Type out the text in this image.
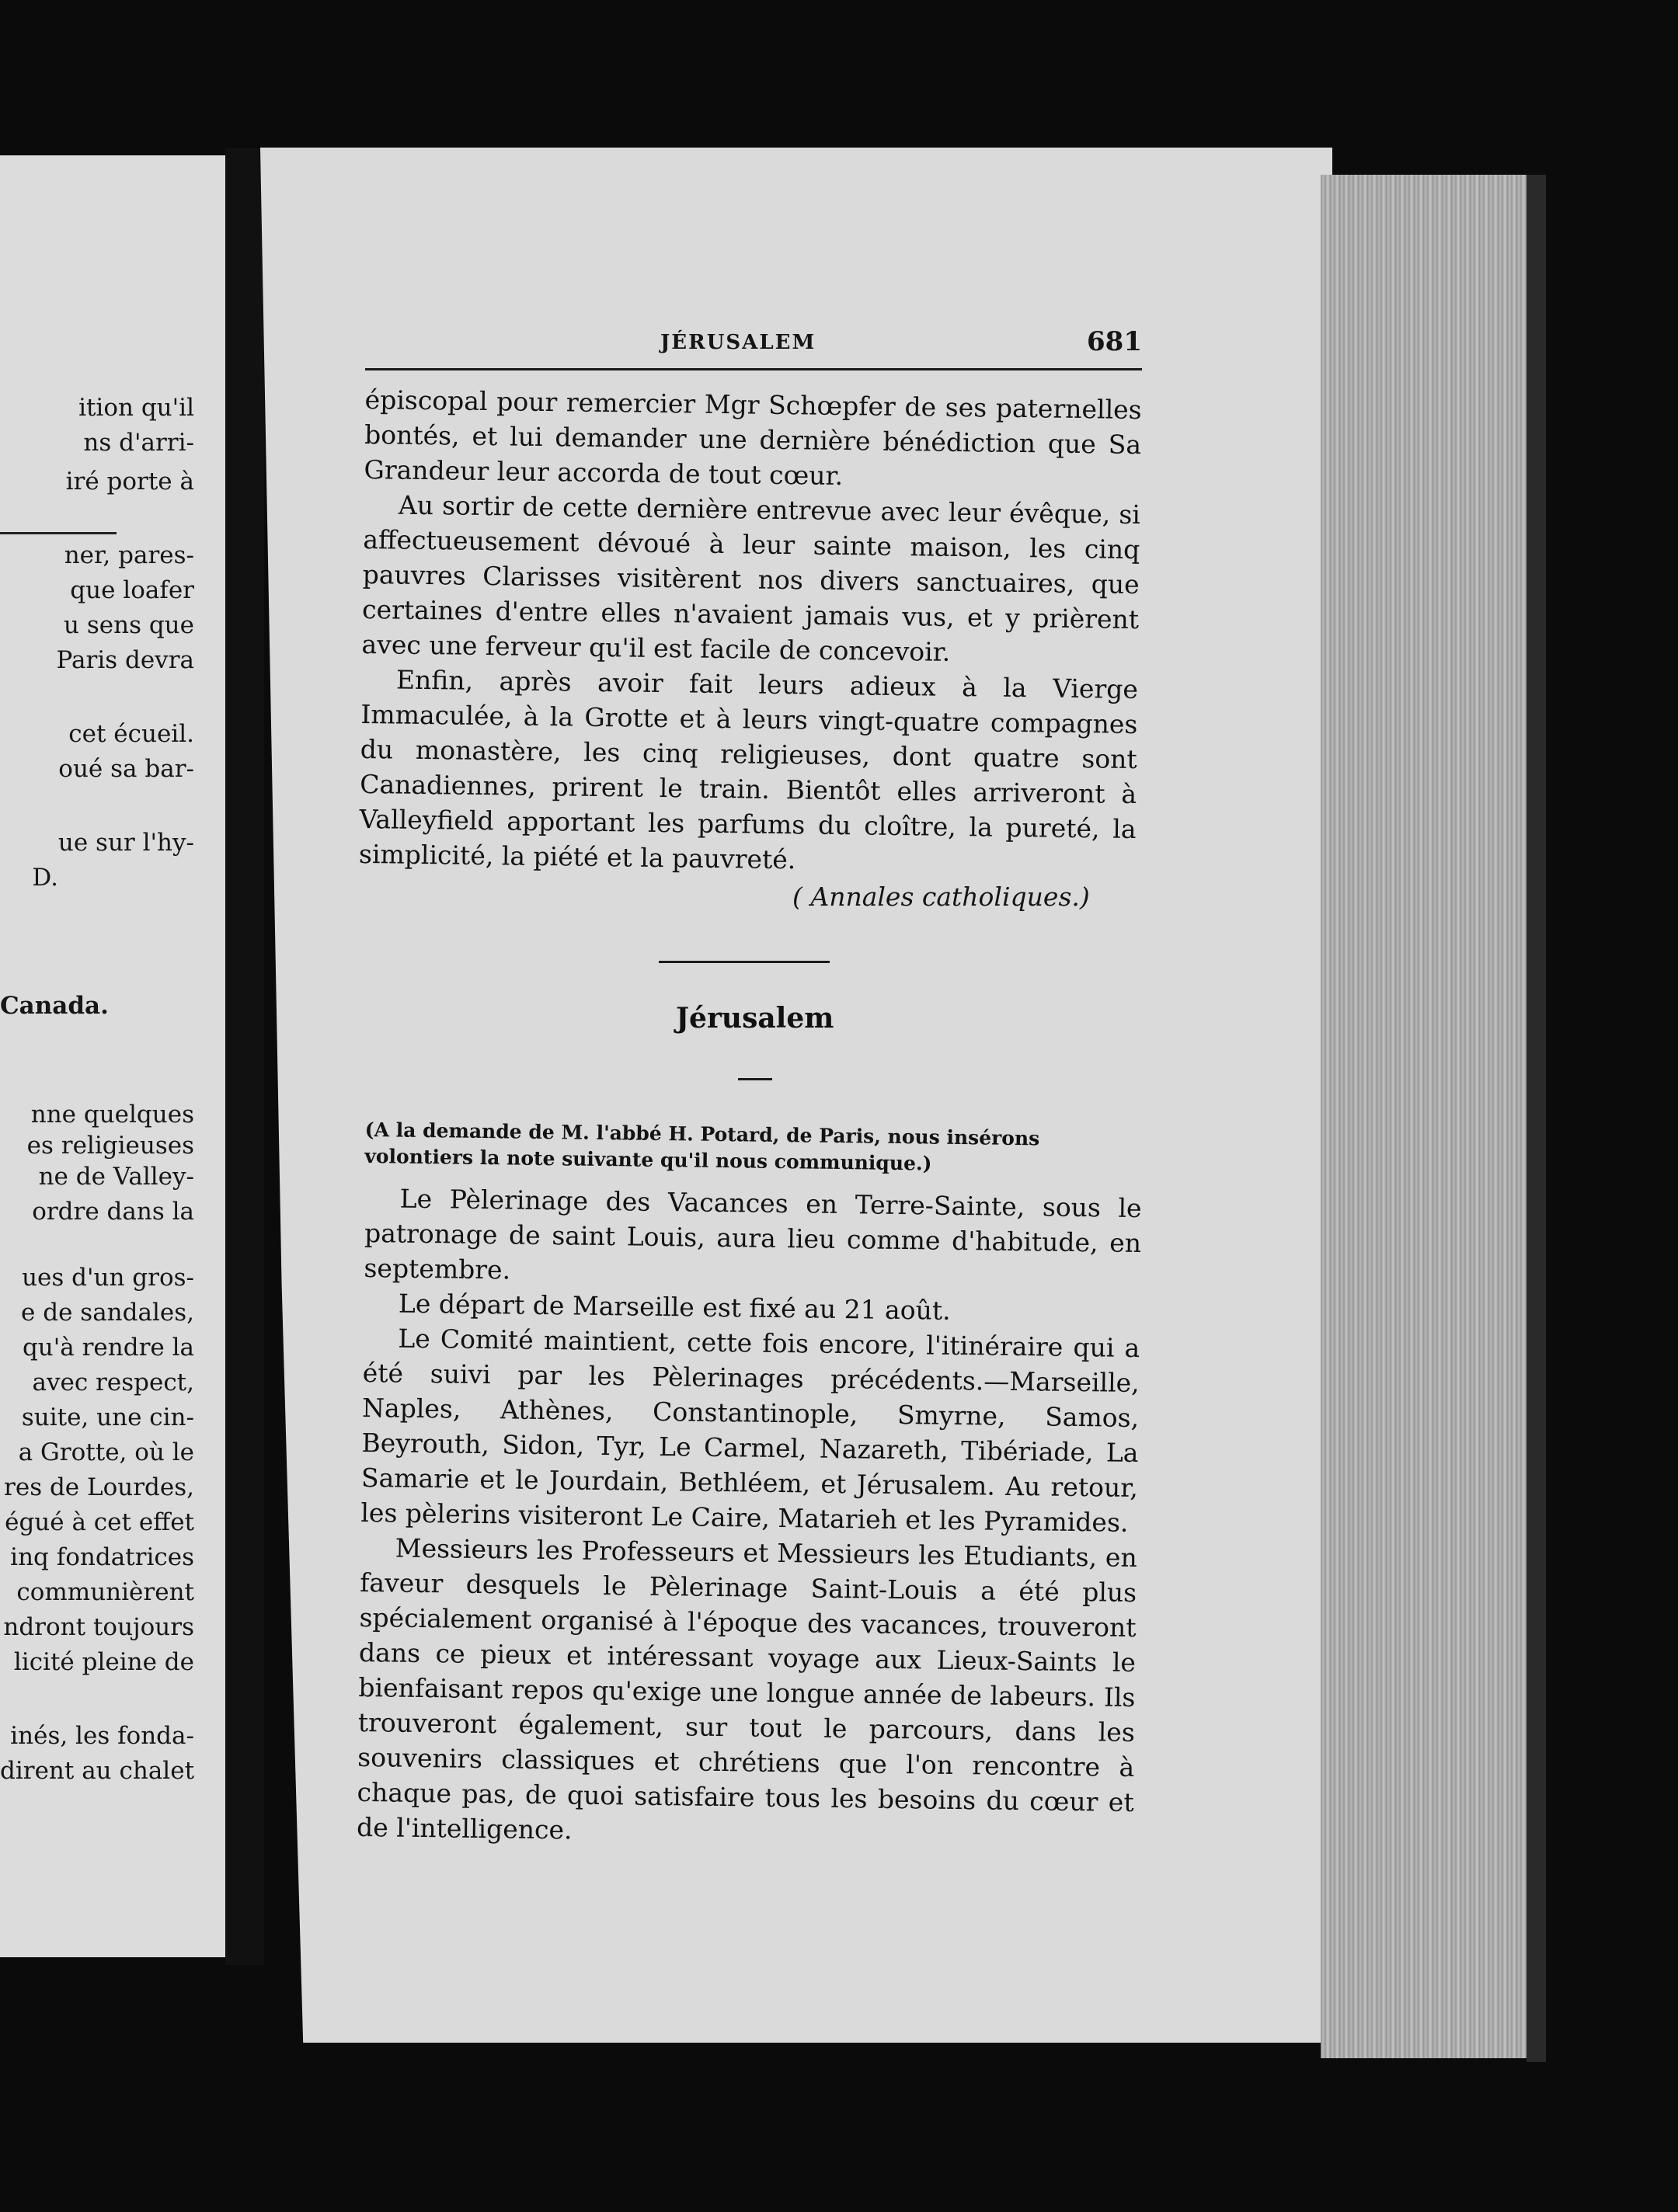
ition qu'il
ns d'arri-
iré porte à
ner, pares-
que loafer
u sens que
Paris devra
cet écueil.
oué sa bar-
ue sur l'hy-
D.
Canada.
nne quelques
es religieuses
ne de Valley-
ordre dans la
ues d'un gros-
e de sandales,
qu'à rendre la
avec respect,
suite, une cin-
a Grotte, où le
res de Lourdes,
égué à cet effet
inq fondatrices
communièrent
ndront toujours
licité pleine de
inés, les fonda-
dirent au chalet
JÉRUSALEM	681

épiscopal pour remercier Mgr Schœpfer de ses paternelles bontés, et lui demander une dernière bénédiction que Sa Grandeur leur accorda de tout cœur.

Au sortir de cette dernière entrevue avec leur évêque, si affectueusement dévoué à leur sainte maison, les cinq pauvres Clarisses visitèrent nos divers sanctuaires, que certaines d'entre elles n'avaient jamais vus, et y prièrent avec une ferveur qu'il est facile de concevoir.

Enfin, après avoir fait leurs adieux à la Vierge Immaculée, à la Grotte et à leurs vingt-quatre compagnes du monastère, les cinq religieuses, dont quatre sont Canadiennes, prirent le train. Bientôt elles arriveront à Valleyfield apportant les parfums du cloître, la pureté, la simplicité, la piété et la pauvreté.

( Annales catholiques.)
Jérusalem
(A la demande de M. l'abbé H. Potard, de Paris, nous insérons volontiers la note suivante qu'il nous communique.)

Le Pèlerinage des Vacances en Terre-Sainte, sous le patronage de saint Louis, aura lieu comme d'habitude, en septembre.

Le départ de Marseille est fixé au 21 août.

Le Comité maintient, cette fois encore, l'itinéraire qui a été suivi par les Pèlerinages précédents.—Marseille, Naples, Athènes, Constantinople, Smyrne, Samos, Beyrouth, Sidon, Tyr, Le Carmel, Nazareth, Tibériade, La Samarie et le Jourdain, Bethléem, et Jérusalem. Au retour, les pèlerins visiteront Le Caire, Matarieh et les Pyramides.

Messieurs les Professeurs et Messieurs les Etudiants, en faveur desquels le Pèlerinage Saint-Louis a été plus spécialement organisé à l'époque des vacances, trouveront dans ce pieux et intéressant voyage aux Lieux-Saints le bienfaisant repos qu'exige une longue année de labeurs. Ils trouveront également, sur tout le parcours, dans les souvenirs classiques et chrétiens que l'on rencontre à chaque pas, de quoi satisfaire tous les besoins du cœur et de l'intelligence.
